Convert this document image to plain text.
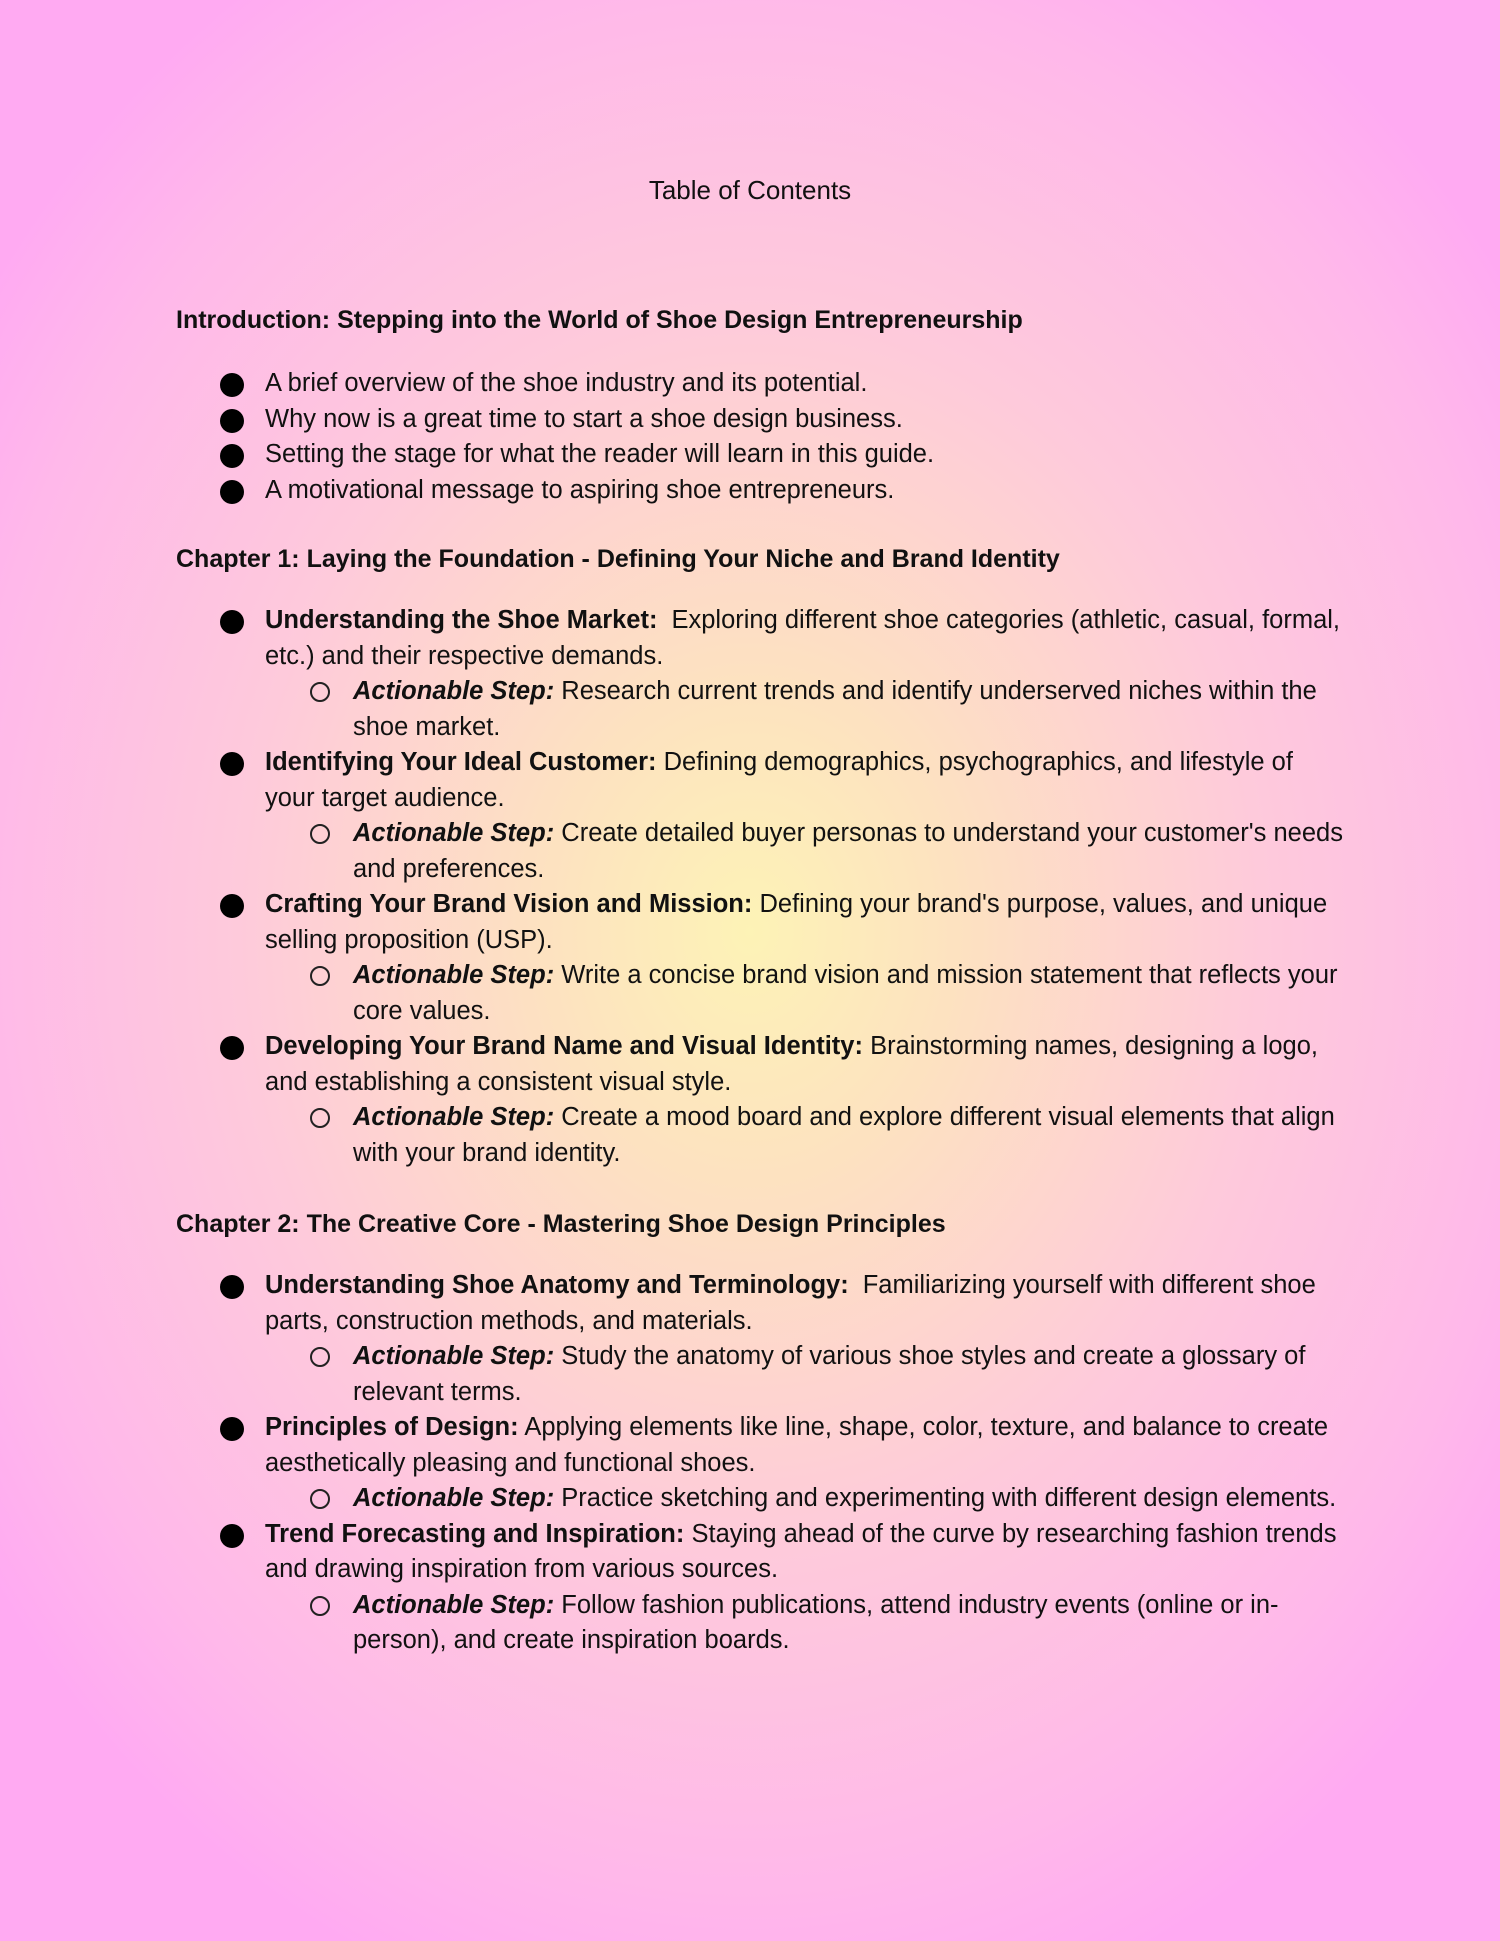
Table of Contents
Introduction: Stepping into the World of Shoe Design Entrepreneurship
A brief overview of the shoe industry and its potential.
Why now is a great time to start a shoe design business.
Setting the stage for what the reader will learn in this guide.
A motivational message to aspiring shoe entrepreneurs.
Chapter 1: Laying the Foundation - Defining Your Niche and Brand Identity
Understanding the Shoe Market: Exploring different shoe categories (athletic, casual, formal, etc.) and their respective demands.
Actionable Step: Research current trends and identify underserved niches within the shoe market.
Identifying Your Ideal Customer: Defining demographics, psychographics, and lifestyle of your target audience.
Actionable Step: Create detailed buyer personas to understand your customer's needs and preferences.
Crafting Your Brand Vision and Mission: Defining your brand's purpose, values, and unique selling proposition (USP).
Actionable Step: Write a concise brand vision and mission statement that reflects your core values.
Developing Your Brand Name and Visual Identity: Brainstorming names, designing a logo, and establishing a consistent visual style.
Actionable Step: Create a mood board and explore different visual elements that align with your brand identity.
Chapter 2: The Creative Core - Mastering Shoe Design Principles
Understanding Shoe Anatomy and Terminology: Familiarizing yourself with different shoe parts, construction methods, and materials.
Actionable Step: Study the anatomy of various shoe styles and create a glossary of relevant terms.
Principles of Design: Applying elements like line, shape, color, texture, and balance to create aesthetically pleasing and functional shoes.
Actionable Step: Practice sketching and experimenting with different design elements.
Trend Forecasting and Inspiration: Staying ahead of the curve by researching fashion trends and drawing inspiration from various sources.
Actionable Step: Follow fashion publications, attend industry events (online or in-person), and create inspiration boards.
